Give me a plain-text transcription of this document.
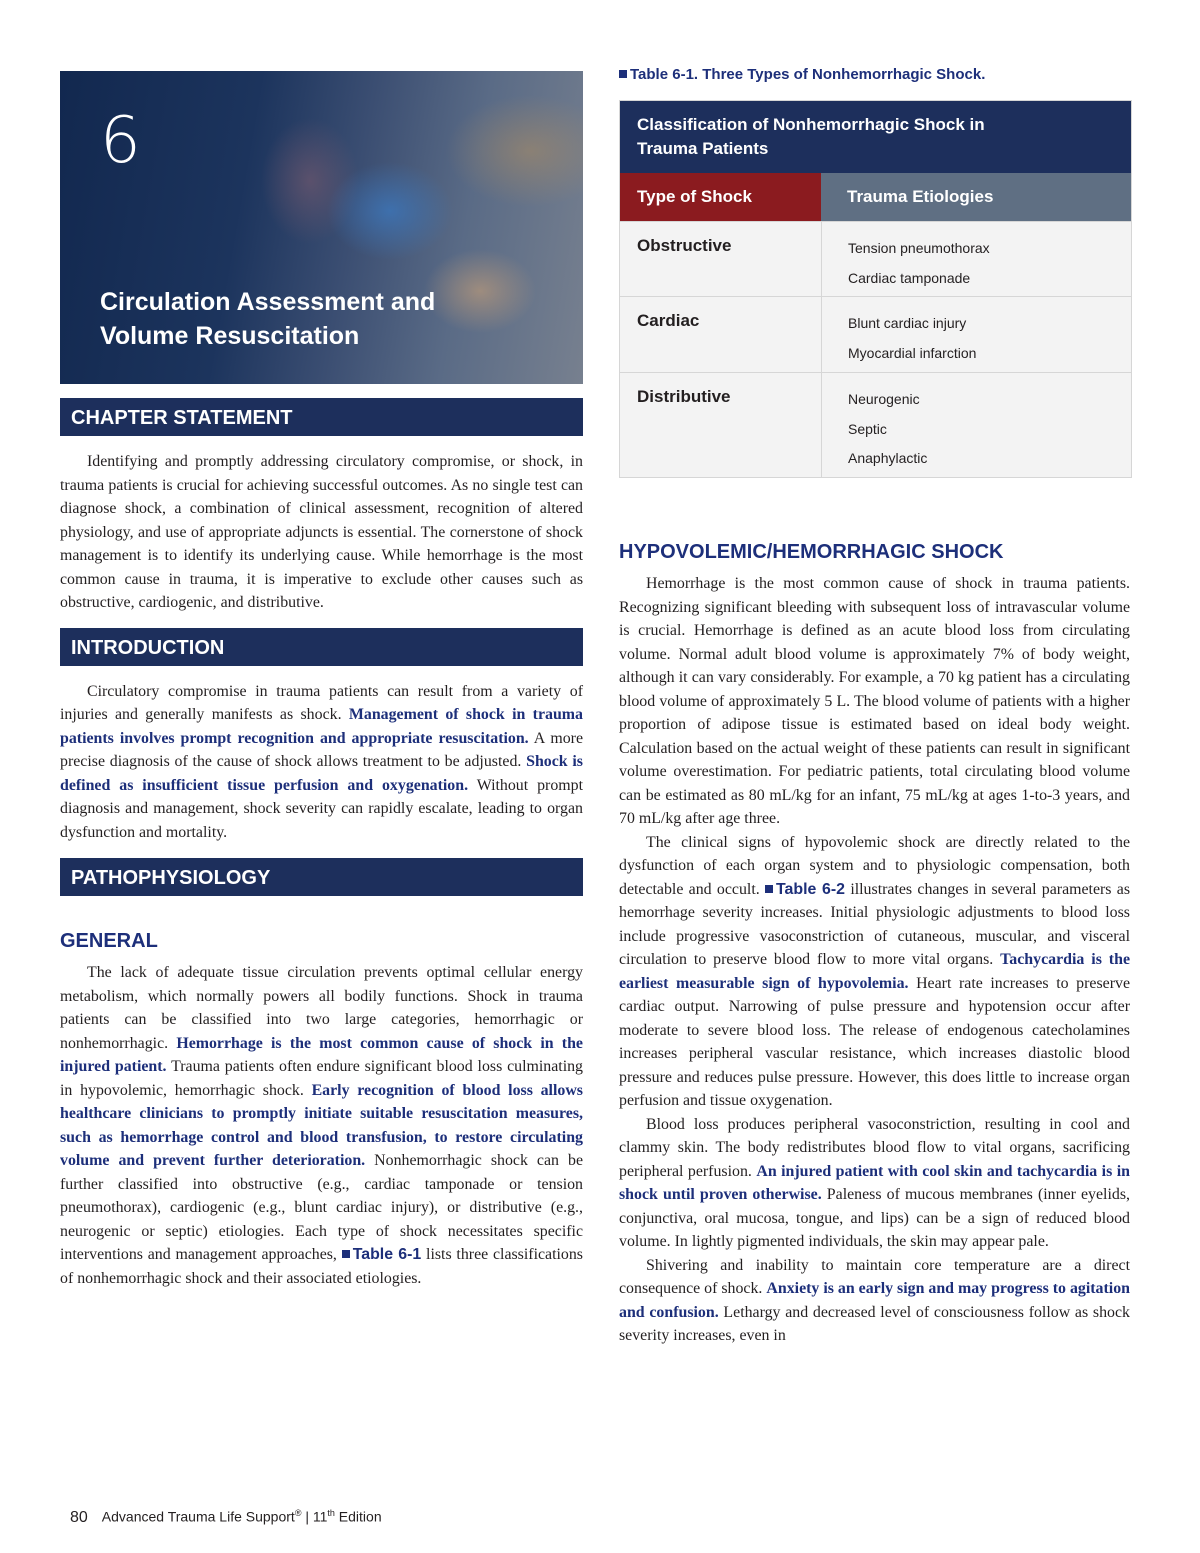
6
Circulation Assessment and
Volume Resuscitation
CHAPTER STATEMENT

Identifying and promptly addressing circulatory compromise, or shock, in trauma patients is crucial for achieving successful outcomes. As no single test can diagnose shock, a combination of clinical assessment, recognition of altered physiology, and use of appropriate adjuncts is essential. The cornerstone of shock management is to identify its underlying cause. While hemorrhage is the most common cause in trauma, it is imperative to exclude other causes such as obstructive, cardiogenic, and distributive.

INTRODUCTION

Circulatory compromise in trauma patients can result from a variety of injuries and generally manifests as shock. Management of shock in trauma patients involves prompt recognition and appropriate resuscitation. A more precise diagnosis of the cause of shock allows treatment to be adjusted. Shock is defined as insufficient tissue perfusion and oxygenation. Without prompt diagnosis and management, shock severity can rapidly escalate, leading to organ dysfunction and mortality.

PATHOPHYSIOLOGY
GENERAL

The lack of adequate tissue circulation prevents optimal cellular energy metabolism, which normally powers all bodily functions. Shock in trauma patients can be classified into two large categories, hemorrhagic or nonhemorrhagic. Hemorrhage is the most common cause of shock in the injured patient. Trauma patients often endure significant blood loss culminating in hypovolemic, hemorrhagic shock. Early recognition of blood loss allows healthcare clinicians to promptly initiate suitable resuscitation measures, such as hemorrhage control and blood transfusion, to restore circulating volume and prevent further deterioration. Nonhemorrhagic shock can be further classified into obstructive (e.g., cardiac tamponade or tension pneumothorax), cardiogenic (e.g., blunt cardiac injury), or distributive (e.g., neurogenic or septic) etiologies. Each type of shock necessitates specific interventions and management approaches, Table 6-1 lists three classifications of nonhemorrhagic shock and their associated etiologies.

Table 6-1. Three Types of Nonhemorrhagic Shock.
Classification of Nonhemorrhagic Shock in
Trauma Patients
Type of Shock	Trauma Etiologies
Obstructive	Tension pneumothorax
Cardiac tamponade
Cardiac	Blunt cardiac injury
Myocardial infarction
Distributive	Neurogenic
Septic
Anaphylactic
HYPOVOLEMIC/HEMORRHAGIC SHOCK

Hemorrhage is the most common cause of shock in trauma patients. Recognizing significant bleeding with subsequent loss of intravascular volume is crucial. Hemorrhage is defined as an acute blood loss from circulating volume. Normal adult blood volume is approximately 7% of body weight, although it can vary considerably. For example, a 70 kg patient has a circulating blood volume of approximately 5 L. The blood volume of patients with a higher proportion of adipose tissue is estimated based on ideal body weight. Calculation based on the actual weight of these patients can result in significant volume overestimation. For pediatric patients, total circulating blood volume can be estimated as 80 mL/kg for an infant, 75 mL/kg at ages 1-to-3 years, and 70 mL/kg after age three.

The clinical signs of hypovolemic shock are directly related to the dysfunction of each organ system and to physiologic compensation, both detectable and occult. Table 6-2 illustrates changes in several parameters as hemorrhage severity increases. Initial physiologic adjustments to blood loss include progressive vasoconstriction of cutaneous, muscular, and visceral circulation to preserve blood flow to more vital organs. Tachycardia is the earliest measurable sign of hypovolemia. Heart rate increases to preserve cardiac output. Narrowing of pulse pressure and hypotension occur after moderate to severe blood loss. The release of endogenous catecholamines increases peripheral vascular resistance, which increases diastolic blood pressure and reduces pulse pressure. However, this does little to increase organ perfusion and tissue oxygenation.

Blood loss produces peripheral vasoconstriction, resulting in cool and clammy skin. The body redistributes blood flow to vital organs, sacrificing peripheral perfusion. An injured patient with cool skin and tachycardia is in shock until proven otherwise. Paleness of mucous membranes (inner eyelids, conjunctiva, oral mucosa, tongue, and lips) can be a sign of reduced blood volume. In lightly pigmented individuals, the skin may appear pale.

Shivering and inability to maintain core temperature are a direct consequence of shock. Anxiety is an early sign and may progress to agitation and confusion. Lethargy and decreased level of consciousness follow as shock severity increases, even in

80 Advanced Trauma Life Support® | 11th Edition
